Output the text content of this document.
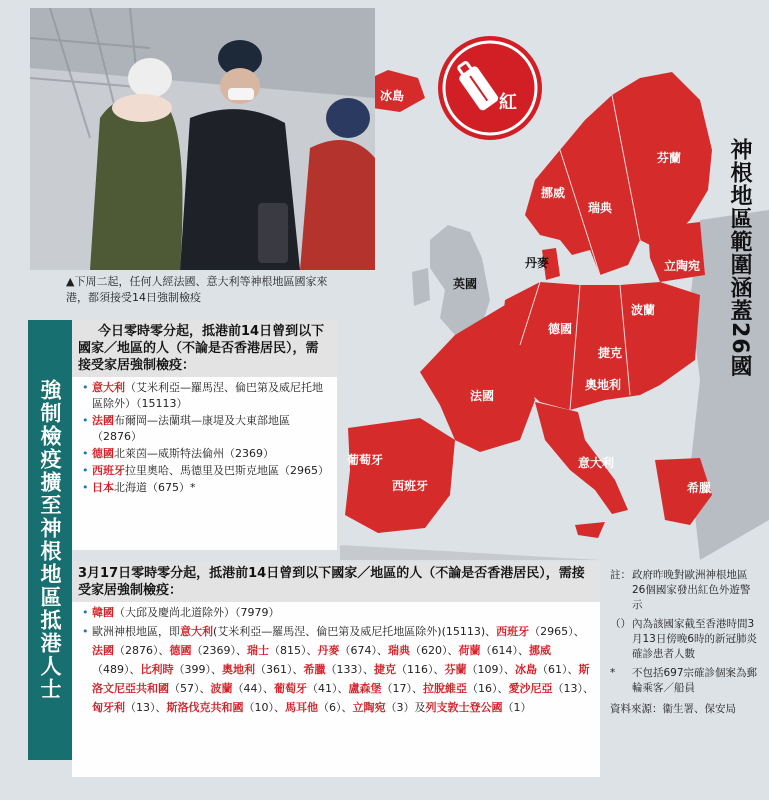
冰島
挪威
瑞典
芬蘭
丹麥
英國
立陶宛
波蘭
德國
捷克
奧地利
法國
葡萄牙
西班牙
意大利
希臘
紅
▲下周二起，任何人經法國、意大利等神根地區國家來港，都須接受14日強制檢疫	神根地區範圍涵蓋26國
強制檢疫擴至神根地區抵港人士
今日零時零分起，抵港前14日曾到以下國家／地區的人（不論是否香港居民），需接受家居強制檢疫：
• 意大利（艾米利亞—羅馬涅、倫巴第及威尼托地區除外）（15113）
• 法國布爾岡—法蘭琪—康堤及大東部地區（2876）
• 德國北萊茵—威斯特法倫州（2369）
• 西班牙拉里奧哈、馬德里及巴斯克地區（2965）
• 日本北海道（675）*
3月17日零時零分起，抵港前14日曾到以下國家／地區的人（不論是否香港居民），需接受家居強制檢疫：
• 韓國（大邱及慶尚北道除外）（7979）
• 歐洲神根地區，即意大利(艾米利亞—羅馬涅、倫巴第及威尼托地區除外)(15113)、西班牙（2965）、法國（2876）、德國（2369）、瑞士（815）、丹麥（674）、瑞典（620）、荷蘭（614）、挪威（489）、比利時（399）、奧地利（361）、希臘（133）、捷克（116）、芬蘭（109）、冰島（61）、斯洛文尼亞共和國（57）、波蘭（44）、葡萄牙（41）、盧森堡（17）、拉脫維亞（16）、愛沙尼亞（13）、匈牙利（13）、斯洛伐克共和國（10）、馬耳他（6）、立陶宛（3）及列支敦士登公國（1）
註： 政府昨晚對歐洲神根地區26個國家發出紅色外遊警示
（） 內為該國家截至香港時間3月13日傍晚6時的新冠肺炎確診患者人數
* 不包括697宗確診個案為郵輪乘客／船員
資料來源：衞生署、保安局
